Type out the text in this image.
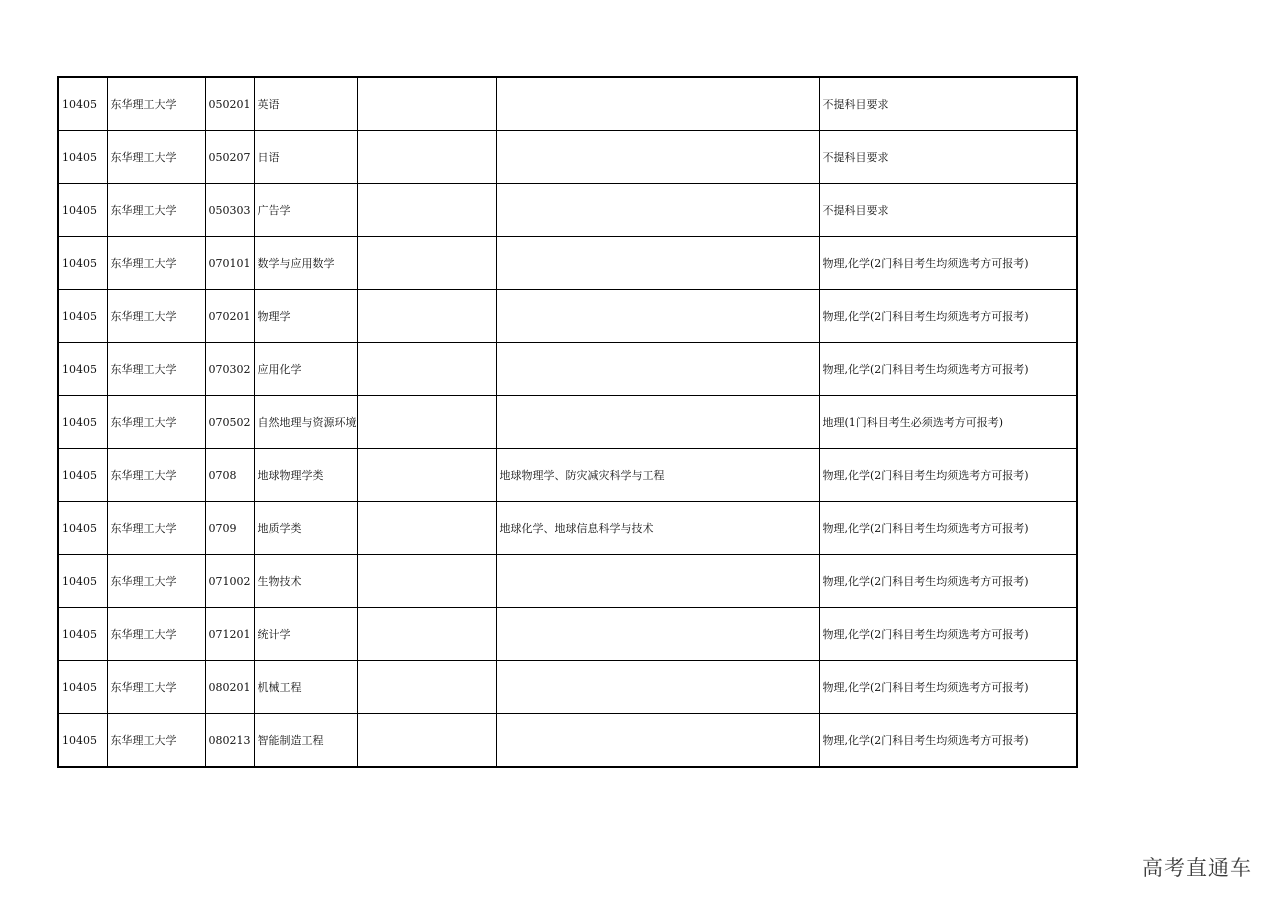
10405	东华理工大学	050201	英语			不提科目要求
10405	东华理工大学	050207	日语			不提科目要求
10405	东华理工大学	050303	广告学			不提科目要求
10405	东华理工大学	070101	数学与应用数学			物理,化学(2门科目考生均须选考方可报考)
10405	东华理工大学	070201	物理学			物理,化学(2门科目考生均须选考方可报考)
10405	东华理工大学	070302	应用化学			物理,化学(2门科目考生均须选考方可报考)
10405	东华理工大学	070502	自然地理与资源环境			地理(1门科目考生必须选考方可报考)
10405	东华理工大学	0708	地球物理学类		地球物理学、防灾减灾科学与工程	物理,化学(2门科目考生均须选考方可报考)
10405	东华理工大学	0709	地质学类		地球化学、地球信息科学与技术	物理,化学(2门科目考生均须选考方可报考)
10405	东华理工大学	071002	生物技术			物理,化学(2门科目考生均须选考方可报考)
10405	东华理工大学	071201	统计学			物理,化学(2门科目考生均须选考方可报考)
10405	东华理工大学	080201	机械工程			物理,化学(2门科目考生均须选考方可报考)
10405	东华理工大学	080213	智能制造工程			物理,化学(2门科目考生均须选考方可报考)
高考直通车
